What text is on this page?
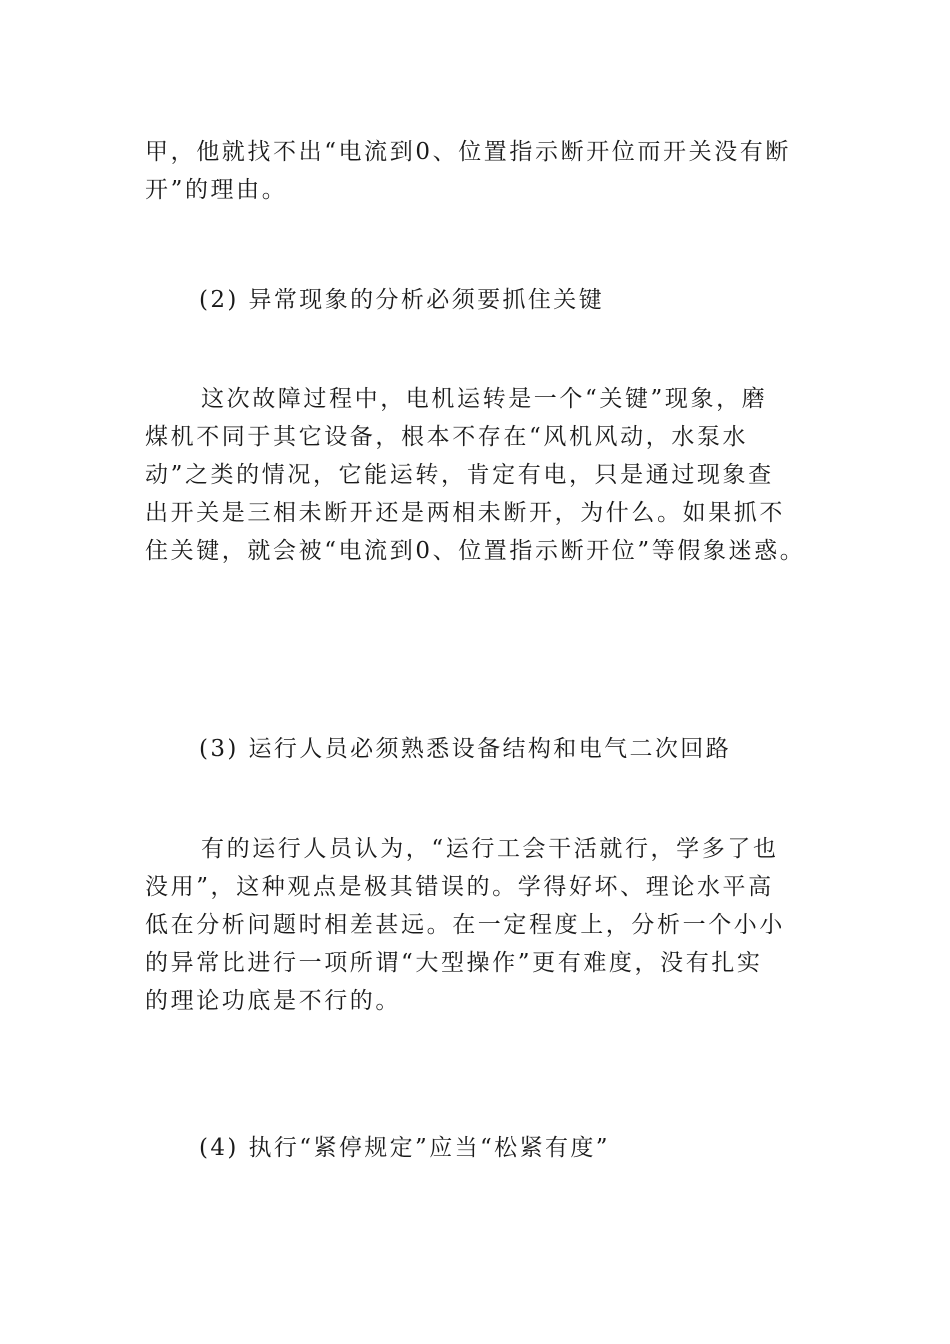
甲，他就找不出“电流到0、位置指示断开位而开关没有断
开”的理由。

(2) 异常现象的分析必须要抓住关键

这次故障过程中，电机运转是一个“关键”现象，磨
煤机不同于其它设备，根本不存在“风机风动，水泵水
动”之类的情况，它能运转，肯定有电，只是通过现象查
出开关是三相未断开还是两相未断开，为什么。如果抓不
住关键，就会被“电流到0、位置指示断开位”等假象迷惑。

(3) 运行人员必须熟悉设备结构和电气二次回路

有的运行人员认为，“运行工会干活就行，学多了也
没用”，这种观点是极其错误的。学得好坏、理论水平高
低在分析问题时相差甚远。在一定程度上，分析一个小小
的异常比进行一项所谓“大型操作”更有难度，没有扎实
的理论功底是不行的。

(4) 执行“紧停规定”应当“松紧有度”
